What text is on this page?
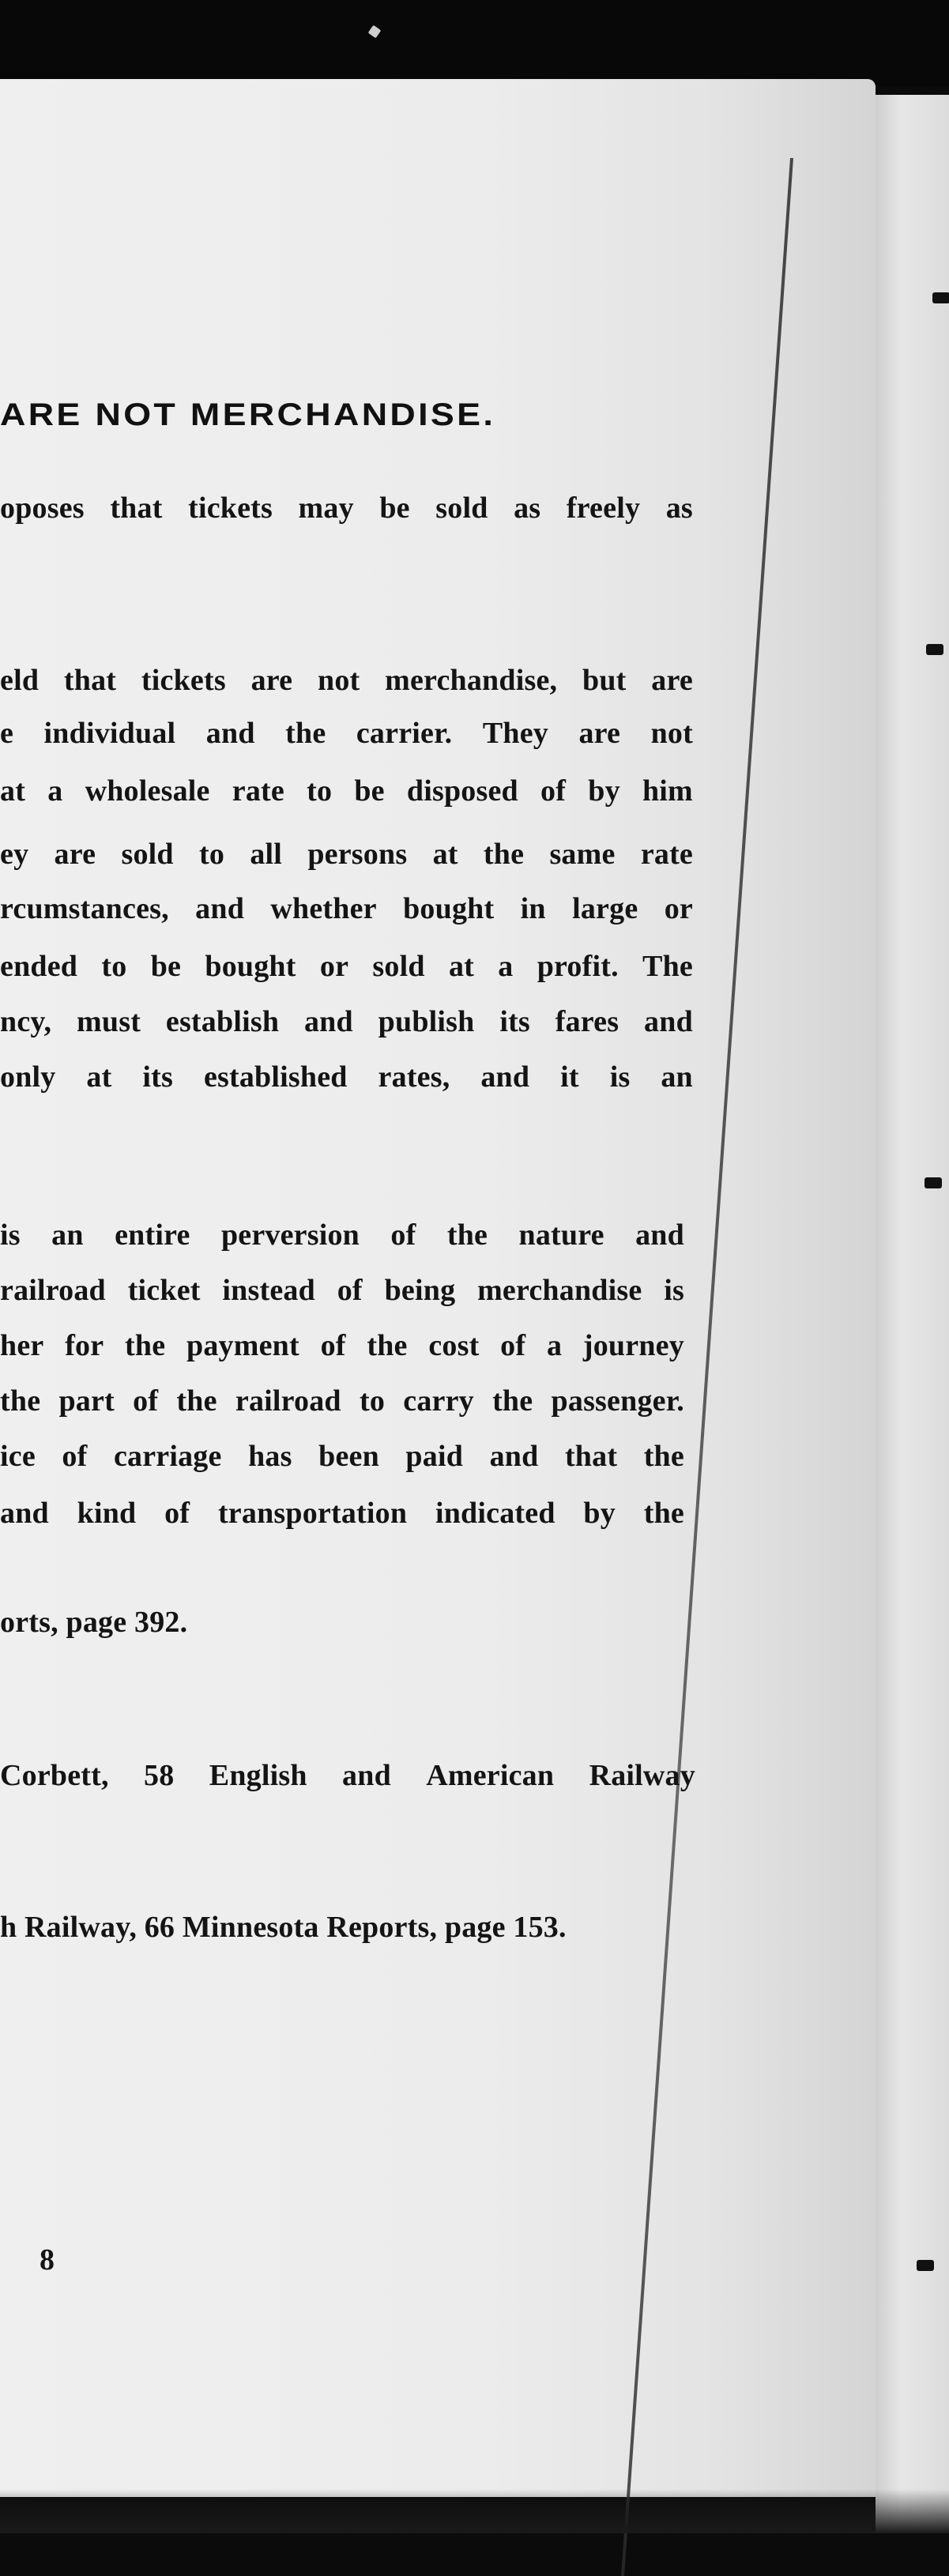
ARE NOT MERCHANDISE.

oposes that tickets may be sold as freely as

eld that tickets are not merchandise, but are

e individual and the carrier. They are not

at a wholesale rate to be disposed of by him

ey are sold to all persons at the same rate

rcumstances, and whether bought in large or

ended to be bought or sold at a profit. The

ncy, must establish and publish its fares and

only at its established rates, and it is an

is an entire perversion of the nature and

railroad ticket instead of being merchandise is

her for the payment of the cost of a journey

the part of the railroad to carry the passenger.

ice of carriage has been paid and that the

and kind of transportation indicated by the

orts, page 392.

Corbett, 58 English and American Railway

h Railway, 66 Minnesota Reports, page 153.

8
